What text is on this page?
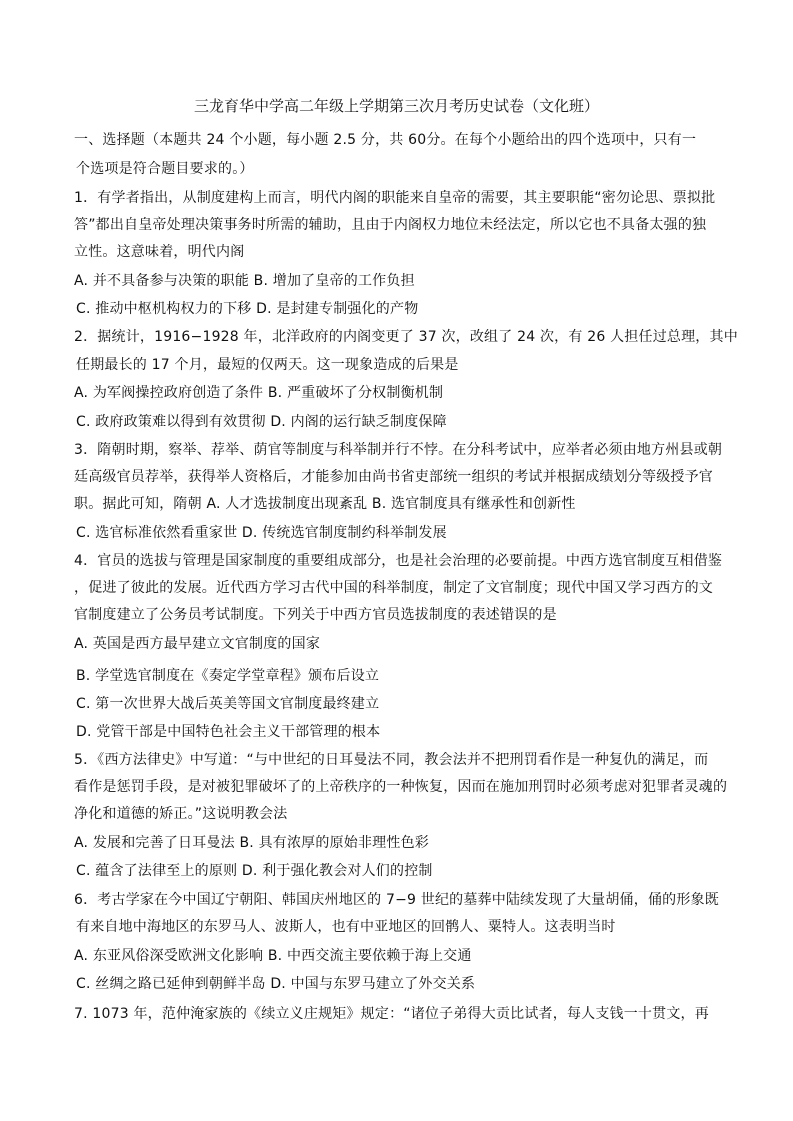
三龙育华中学高二年级上学期第三次月考历史试卷（文化班）
一、选择题（本题共 24 个小题，每小题 2.5 分，共 60分。在每个小题给出的四个选项中，只有一
个选项是符合题目要求的。）
1．有学者指出，从制度建构上而言，明代内阁的职能来自皇帝的需要，其主要职能“密勿论思、票拟批
答”都出自皇帝处理决策事务时所需的辅助，且由于内阁权力地位未经法定，所以它也不具备太强的独
立性。这意味着，明代内阁
A. 并不具备参与决策的职能 B. 增加了皇帝的工作负担
C. 推动中枢机构权力的下移 D. 是封建专制强化的产物
2．据统计，1916−1928 年，北洋政府的内阁变更了 37 次，改组了 24 次，有 26 人担任过总理，其中
任期最长的 17 个月，最短的仅两天。这一现象造成的后果是
A. 为军阀操控政府创造了条件 B. 严重破坏了分权制衡机制
C. 政府政策难以得到有效贯彻 D. 内阁的运行缺乏制度保障
3．隋朝时期，察举、荐举、荫官等制度与科举制并行不悖。在分科考试中，应举者必须由地方州县或朝
廷高级官员荐举，获得举人资格后，才能参加由尚书省吏部统一组织的考试并根据成绩划分等级授予官
职。据此可知，隋朝 A. 人才选拔制度出现紊乱 B. 选官制度具有继承性和创新性
C. 选官标准依然看重家世 D. 传统选官制度制约科举制发展
4．官员的选拔与管理是国家制度的重要组成部分，也是社会治理的必要前提。中西方选官制度互相借鉴
，促进了彼此的发展。近代西方学习古代中国的科举制度，制定了文官制度；现代中国又学习西方的文
官制度建立了公务员考试制度。下列关于中西方官员选拔制度的表述错误的是
A. 英国是西方最早建立文官制度的国家
B. 学堂选官制度在《奏定学堂章程》颁布后设立
C. 第一次世界大战后英美等国文官制度最终建立
D. 党管干部是中国特色社会主义干部管理的根本
5．《西方法律史》中写道：“与中世纪的日耳曼法不同，教会法并不把刑罚看作是一种复仇的满足，而
看作是惩罚手段，是对被犯罪破坏了的上帝秩序的一种恢复，因而在施加刑罚时必须考虑对犯罪者灵魂的
净化和道德的矫正。”这说明教会法
A. 发展和完善了日耳曼法 B. 具有浓厚的原始非理性色彩
C. 蕴含了法律至上的原则 D. 利于强化教会对人们的控制
6．考古学家在今中国辽宁朝阳、韩国庆州地区的 7−9 世纪的墓葬中陆续发现了大量胡俑，俑的形象既
有来自地中海地区的东罗马人、波斯人，也有中亚地区的回鹘人、粟特人。这表明当时
A. 东亚风俗深受欧洲文化影响 B. 中西交流主要依赖于海上交通
C. 丝绸之路已延伸到朝鲜半岛 D. 中国与东罗马建立了外交关系
7. 1073 年，范仲淹家族的《续立义庄规矩》规定：“诸位子弟得大贡比试者，每人支钱一十贯文，再
